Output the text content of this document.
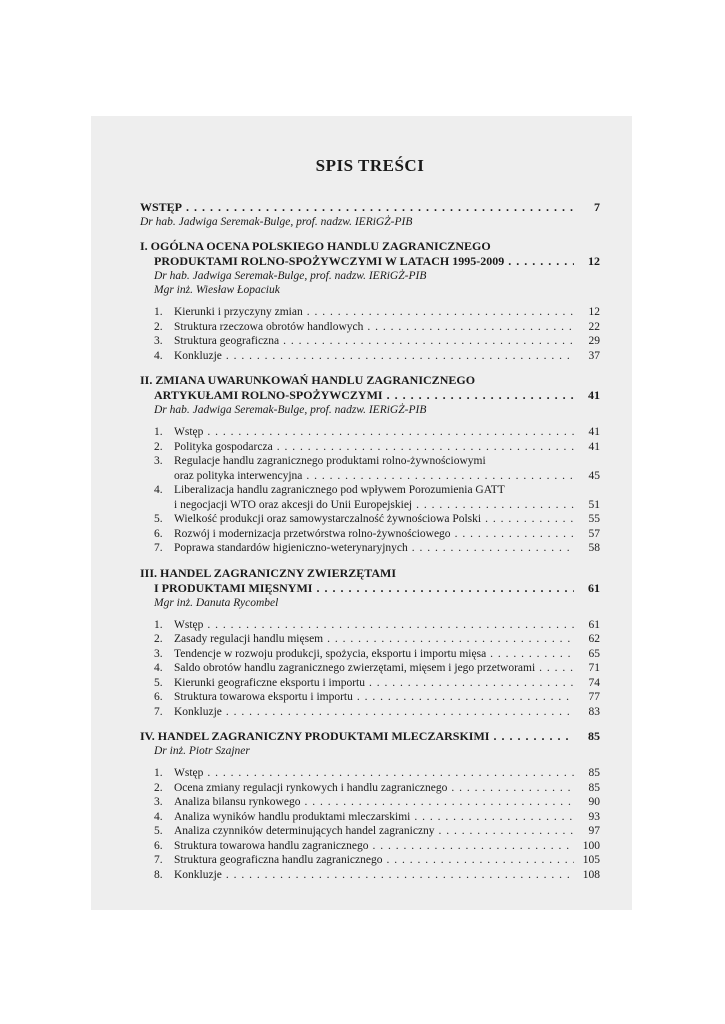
SPIS TREŚCI
WSTĘP . . .	7
Dr hab. Jadwiga Seremak-Bulge, prof. nadzw. IERiGŻ-PIB
I. OGÓLNA OCENA POLSKIEGO HANDLU ZAGRANICZNEGO
PRODUKTAMI ROLNO-SPOŻYWCZYMI W LATACH 1995-2009 . . .	12
Dr hab. Jadwiga Seremak-Bulge, prof. nadzw. IERiGŻ-PIB
Mgr inż. Wiesław Łopaciuk
1. Kierunki i przyczyny zmian . . .	12
2. Struktura rzeczowa obrotów handlowych . . .	22
3. Struktura geograficzna . . .	29
4. Konkluzje . . .	37
II. ZMIANA UWARUNKOWAŃ HANDLU ZAGRANICZNEGO
ARTYKUŁAMI ROLNO-SPOŻYWCZYMI . . .	41
Dr hab. Jadwiga Seremak-Bulge, prof. nadzw. IERiGŻ-PIB
1. Wstęp . . .	41
2. Polityka gospodarcza . . .	41
3. Regulacje handlu zagranicznego produktami rolno-żywnościowymi
oraz polityka interwencyjna . . .	45
4. Liberalizacja handlu zagranicznego pod wpływem Porozumienia GATT
i negocjacji WTO oraz akcesji do Unii Europejskiej . . .	51
5. Wielkość produkcji oraz samowystarczalność żywnościowa Polski . . .	55
6. Rozwój i modernizacja przetwórstwa rolno-żywnościowego . . .	57
7. Poprawa standardów higieniczno-weterynaryjnych . . .	58
III. HANDEL ZAGRANICZNY ZWIERZĘTAMI
I PRODUKTAMI MIĘSNYMI . . .	61
Mgr inż. Danuta Rycombel
1. Wstęp . . .	61
2. Zasady regulacji handlu mięsem . . .	62
3. Tendencje w rozwoju produkcji, spożycia, eksportu i importu mięsa . . .	65
4. Saldo obrotów handlu zagranicznego zwierzętami, mięsem i jego przetworami . . .	71
5. Kierunki geograficzne eksportu i importu . . .	74
6. Struktura towarowa eksportu i importu . . .	77
7. Konkluzje . . .	83
IV. HANDEL ZAGRANICZNY PRODUKTAMI MLECZARSKIMI . . .	85
Dr inż. Piotr Szajner
1. Wstęp . . .	85
2. Ocena zmiany regulacji rynkowych i handlu zagranicznego . . .	85
3. Analiza bilansu rynkowego . . .	90
4. Analiza wyników handlu produktami mleczarskimi . . .	93
5. Analiza czynników determinujących handel zagraniczny . . .	97
6. Struktura towarowa handlu zagranicznego . . .	100
7. Struktura geograficzna handlu zagranicznego . . .	105
8. Konkluzje . . .	108
